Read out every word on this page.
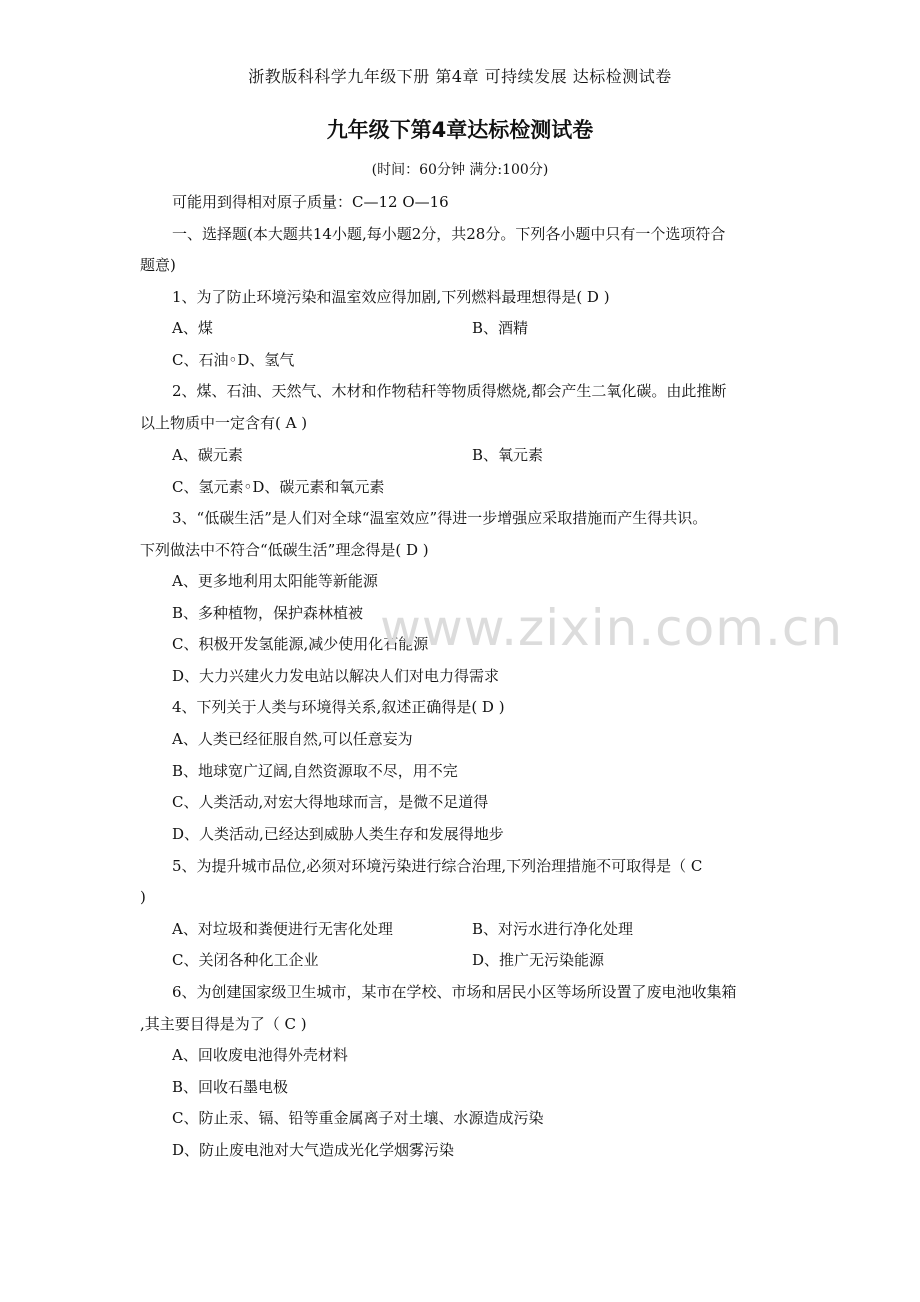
浙教版科科学九年级下册 第4章 可持续发展 达标检测试卷
九年级下第4章达标检测试卷
(时间：60分钟 满分:100分)
可能用到得相对原子质量：C—12 O—16
一、选择题(本大题共14小题,每小题2分，共28分。下列各小题中只有一个选项符合
题意)
1、为了防止环境污染和温室效应得加剧,下列燃料最理想得是( D )
A、煤	B、酒精
C、石油◦D、氢气
2、煤、石油、天然气、木材和作物秸秆等物质得燃烧,都会产生二氧化碳。由此推断
以上物质中一定含有( A )
A、碳元素	B、氧元素
C、氢元素◦D、碳元素和氧元素
3、“低碳生活”是人们对全球“温室效应”得进一步增强应采取措施而产生得共识。
下列做法中不符合“低碳生活”理念得是( D )
A、更多地利用太阳能等新能源
B、多种植物，保护森林植被
C、积极开发氢能源,减少使用化石能源
D、大力兴建火力发电站以解决人们对电力得需求
4、下列关于人类与环境得关系,叙述正确得是( D )
A、人类已经征服自然,可以任意妄为
B、地球宽广辽阔,自然资源取不尽，用不完
C、人类活动,对宏大得地球而言，是微不足道得
D、人类活动,已经达到威胁人类生存和发展得地步
5、为提升城市品位,必须对环境污染进行综合治理,下列治理措施不可取得是（ C
)
A、对垃圾和粪便进行无害化处理	B、对污水进行净化处理
C、关闭各种化工企业	D、推广无污染能源
6、为创建国家级卫生城市，某市在学校、市场和居民小区等场所设置了废电池收集箱
,其主要目得是为了（ C )
A、回收废电池得外壳材料
B、回收石墨电极
C、防止汞、镉、铅等重金属离子对土壤、水源造成污染
D、防止废电池对大气造成光化学烟雾污染
www.zixin.com.cn
